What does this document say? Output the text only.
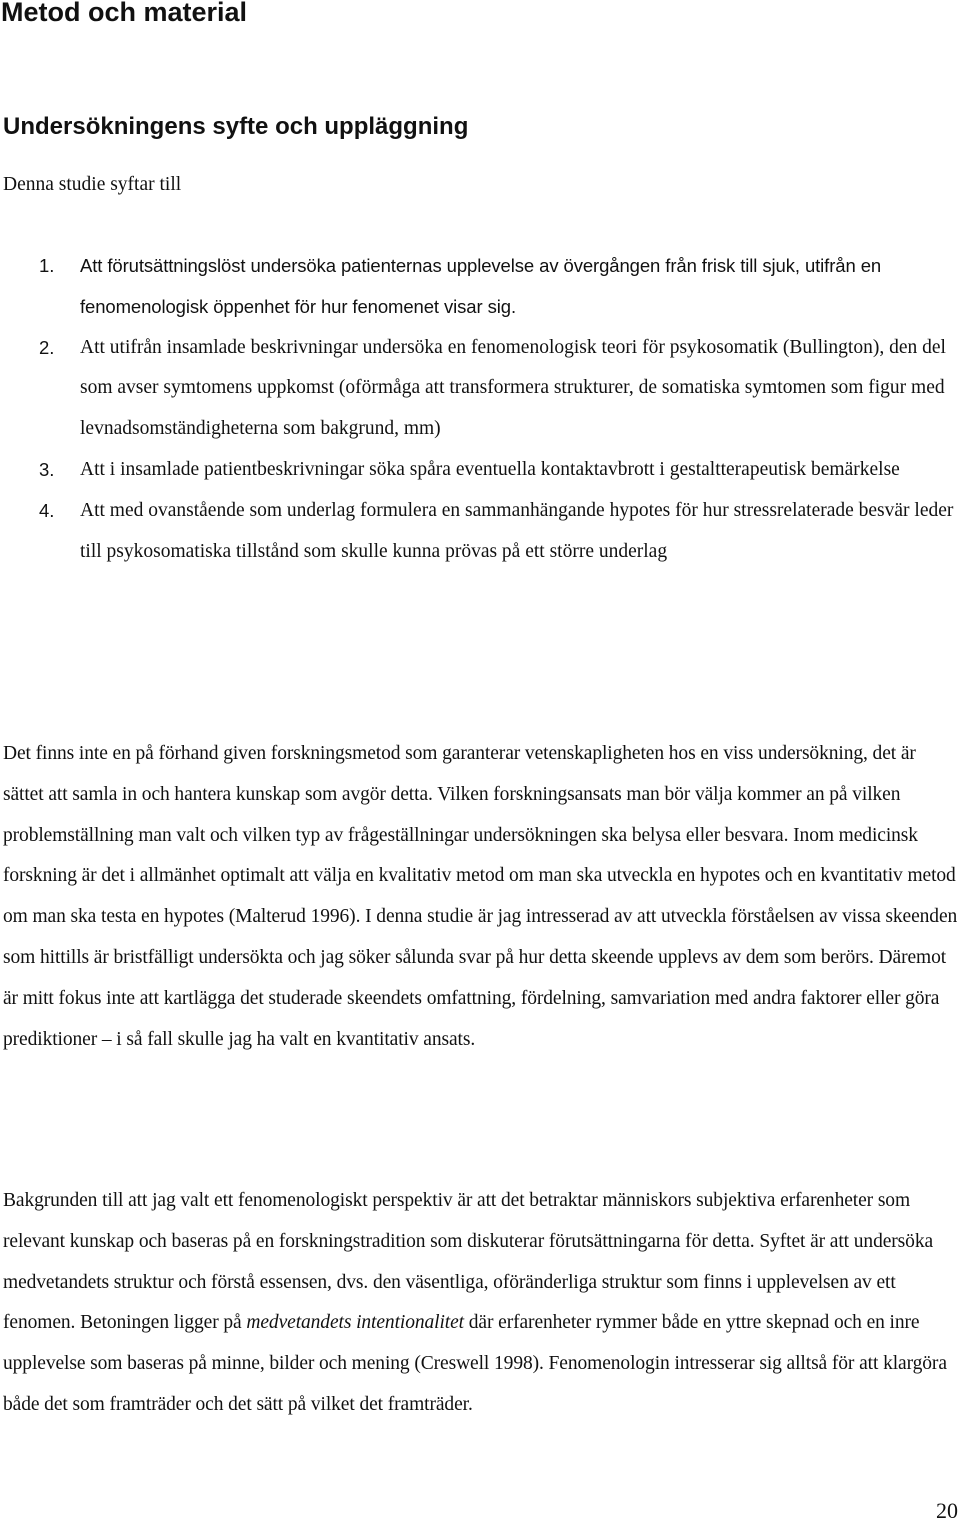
Metod och material
Undersökningens syfte och uppläggning

Denna studie syftar till

1. Att förutsättningslöst undersöka patienternas upplevelse av övergången från frisk till sjuk, utifrån en fenomenologisk öppenhet för hur fenomenet visar sig.
2. Att utifrån insamlade beskrivningar undersöka en fenomenologisk teori för psykosomatik (Bullington), den del som avser symtomens uppkomst (oförmåga att transformera strukturer, de somatiska symtomen som figur med levnadsomständigheterna som bakgrund, mm)
3. Att i insamlade patientbeskrivningar söka spåra eventuella kontaktavbrott i gestaltterapeutisk bemärkelse
4. Att med ovanstående som underlag formulera en sammanhängande hypotes för hur stressrelaterade besvär leder till psykosomatiska tillstånd som skulle kunna prövas på ett större underlag

Det finns inte en på förhand given forskningsmetod som garanterar vetenskapligheten hos en viss undersökning, det är sättet att samla in och hantera kunskap som avgör detta. Vilken forskningsansats man bör välja kommer an på vilken problemställning man valt och vilken typ av frågeställningar undersökningen ska belysa eller besvara. Inom medicinsk forskning är det i allmänhet optimalt att välja en kvalitativ metod om man ska utveckla en hypotes och en kvantitativ metod om man ska testa en hypotes (Malterud 1996). I denna studie är jag intresserad av att utveckla förståelsen av vissa skeenden som hittills är bristfälligt undersökta och jag söker sålunda svar på hur detta skeende upplevs av dem som berörs. Däremot är mitt fokus inte att kartlägga det studerade skeendets omfattning, fördelning, samvariation med andra faktorer eller göra prediktioner – i så fall skulle jag ha valt en kvantitativ ansats.

Bakgrunden till att jag valt ett fenomenologiskt perspektiv är att det betraktar människors subjektiva erfarenheter som relevant kunskap och baseras på en forskningstradition som diskuterar förutsättningarna för detta. Syftet är att undersöka medvetandets struktur och förstå essensen, dvs. den väsentliga, oföränderliga struktur som finns i upplevelsen av ett fenomen. Betoningen ligger på medvetandets intentionalitet där erfarenheter rymmer både en yttre skepnad och en inre upplevelse som baseras på minne, bilder och mening (Creswell 1998). Fenomenologin intresserar sig alltså för att klargöra både det som framträder och det sätt på vilket det framträder.

20
